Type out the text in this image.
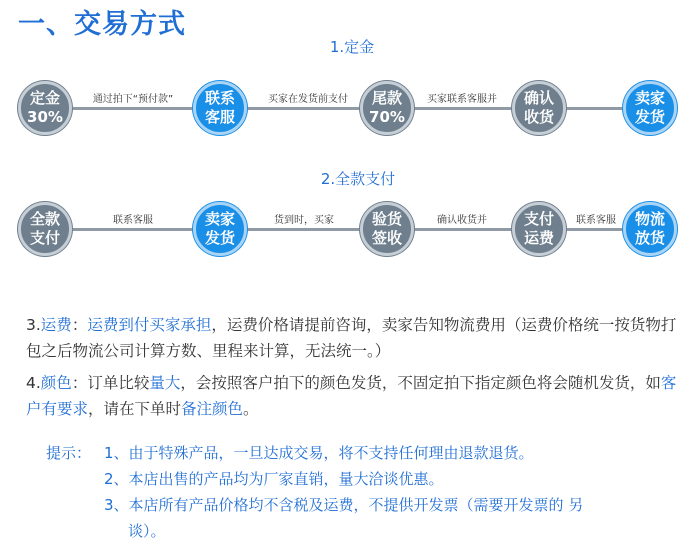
一、交易方式
1.定金
定金
30%
联系
客服
尾款
70%
确认
收货
卖家
发货
通过拍下“预付款”	买家在发货前支付	买家联系客服并
2.全款支付
全款
支付
卖家
发货
验货
签收
支付
运费
物流
放货
联系客服	货到时，买家	确认收货并	联系客服
3.运费：运费到付买家承担，运费价格请提前咨询，卖家告知物流费用（运费价格统一按货物打包之后物流公司计算方数、里程来计算，无法统一。）
4.颜色：订单比较量大，会按照客户拍下的颜色发货，不固定拍下指定颜色将会随机发货，如客户有要求，请在下单时备注颜色。
提示： 1、由于特殊产品，一旦达成交易，将不支持任何理由退款退货。
2、本店出售的产品均为厂家直销，量大洽谈优惠。
3、本店所有产品价格均不含税及运费，不提供开发票（需要开发票的 另
谈）。
